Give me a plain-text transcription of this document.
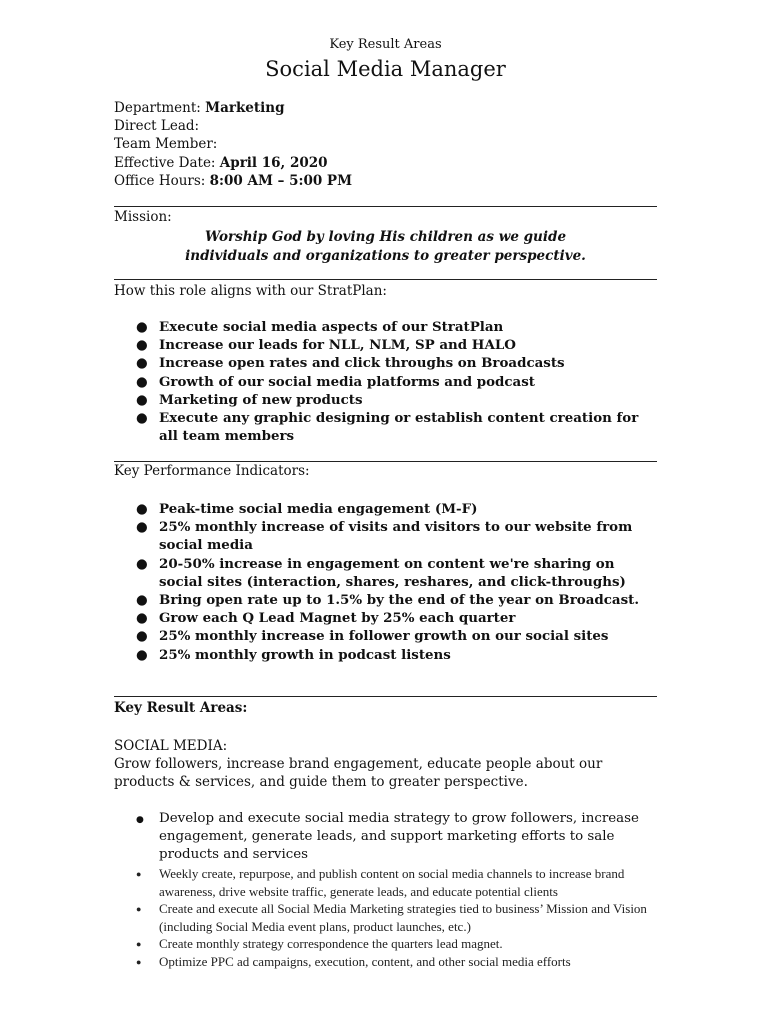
Key Result Areas
Social Media Manager
Department: Marketing
Direct Lead:
Team Member:
Effective Date: April 16, 2020
Office Hours: 8:00 AM – 5:00 PM
Mission:
Worship God by loving His children as we guide
individuals and organizations to greater perspective.
How this role aligns with our StratPlan:
● Execute social media aspects of our StratPlan
● Increase our leads for NLL, NLM, SP and HALO
● Increase open rates and click throughs on Broadcasts
● Growth of our social media platforms and podcast
● Marketing of new products
● Execute any graphic designing or establish content creation for all team members
Key Performance Indicators:
● Peak-time social media engagement (M-F)
● 25% monthly increase of visits and visitors to our website from social media
● 20-50% increase in engagement on content we're sharing on social sites (interaction, shares, reshares, and click-throughs)
● Bring open rate up to 1.5% by the end of the year on Broadcast.
● Grow each Q Lead Magnet by 25% each quarter
● 25% monthly increase in follower growth on our social sites
● 25% monthly growth in podcast listens
Key Result Areas:
SOCIAL MEDIA:
Grow followers, increase brand engagement, educate people about our products & services, and guide them to greater perspective.
● Develop and execute social media strategy to grow followers, increase engagement, generate leads, and support marketing efforts to sale products and services
● Weekly create, repurpose, and publish content on social media channels to increase brand awareness, drive website traffic, generate leads, and educate potential clients
● Create and execute all Social Media Marketing strategies tied to business’ Mission and Vision (including Social Media event plans, product launches, etc.)
● Create monthly strategy correspondence the quarters lead magnet.
● Optimize PPC ad campaigns, execution, content, and other social media efforts
